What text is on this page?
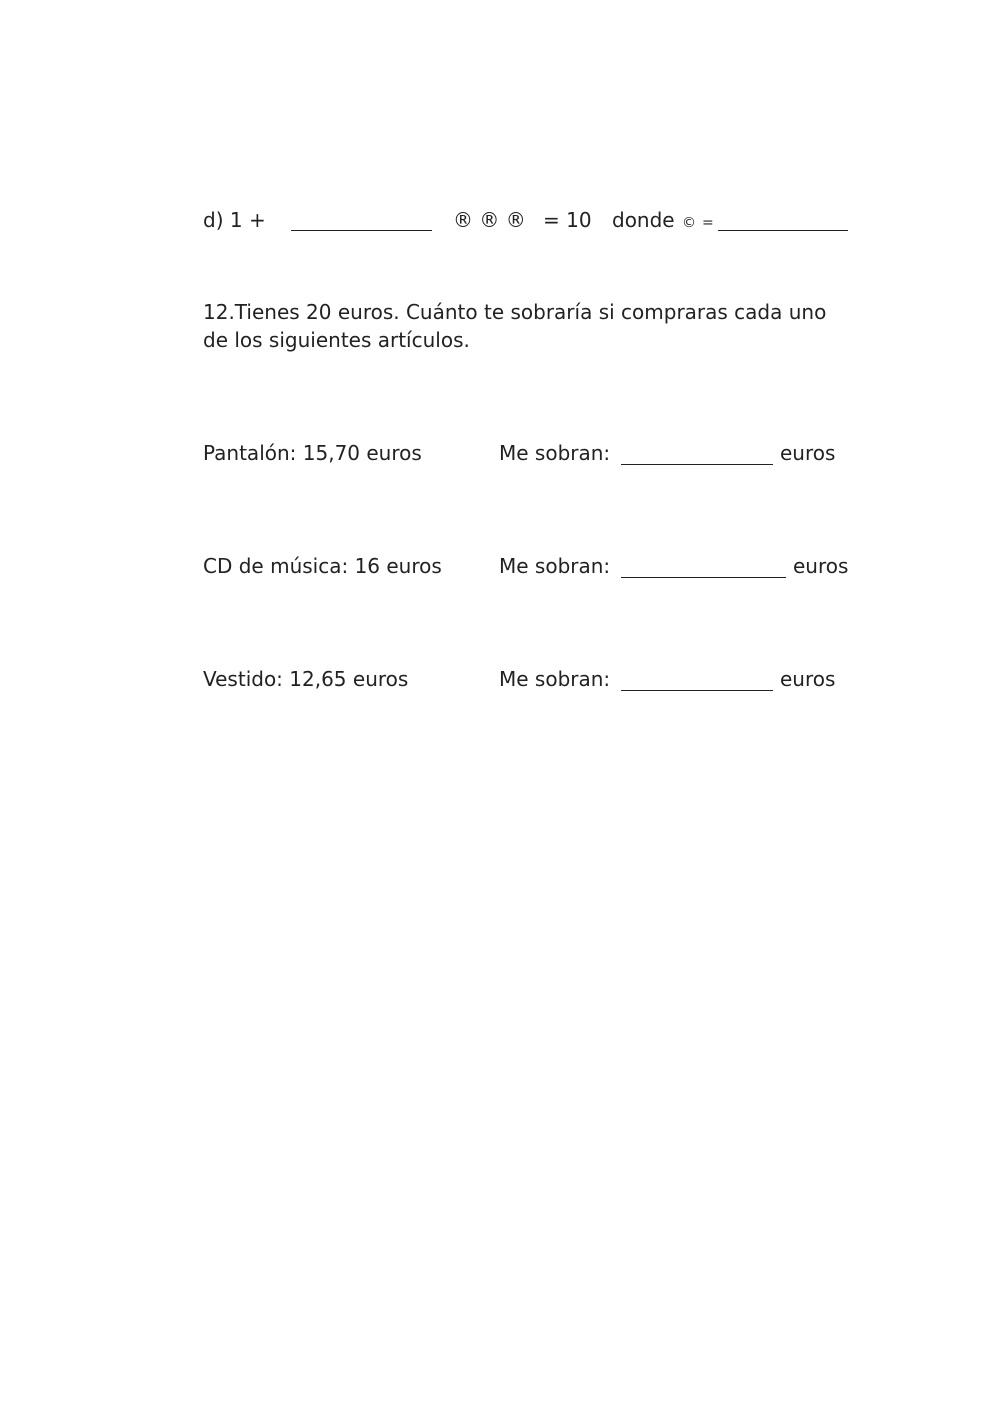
d) 1 +	® ® ® = 10 donde © =
12.Tienes 20 euros. Cuánto te sobraría si compraras cada uno
de los siguientes artículos.
Pantalón: 15,70 euros	Me sobran:	euros
CD de música: 16 euros	Me sobran:	euros
Vestido: 12,65 euros	Me sobran:	euros
